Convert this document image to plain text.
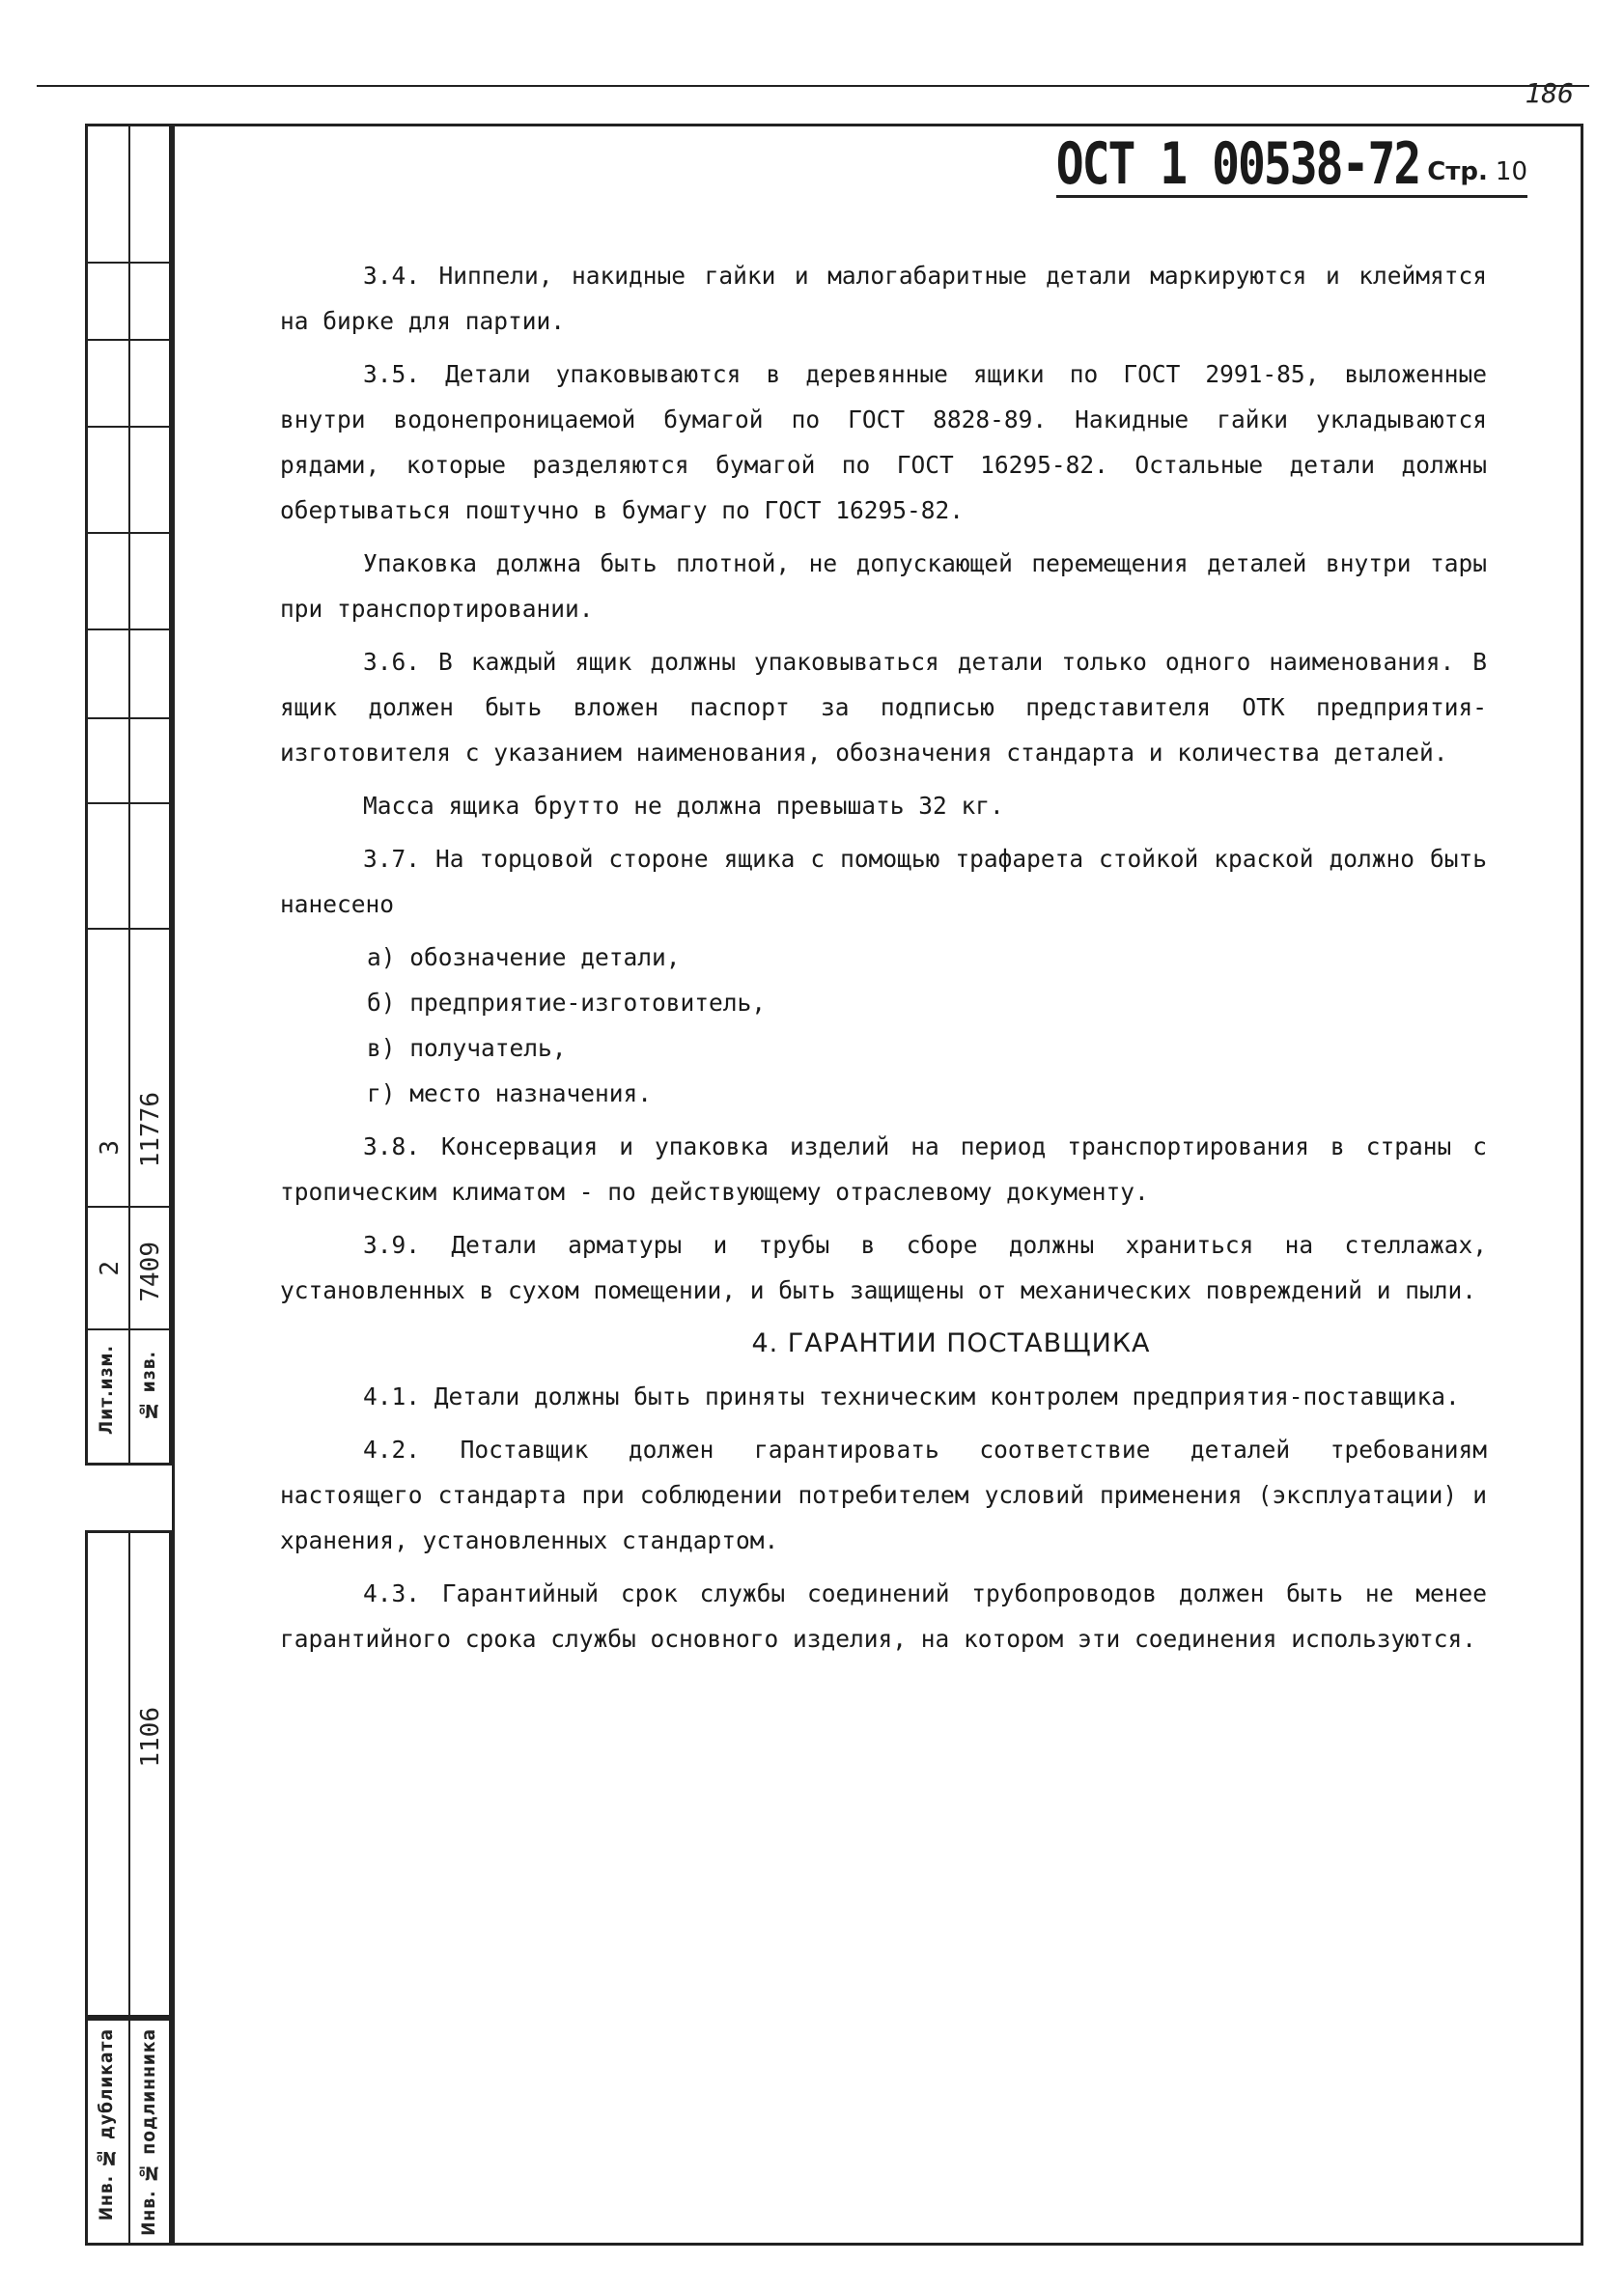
186
3 11776
2 7409
Лит.изм. № изв.
1106
Инв. № дубликата Инв. № подлинника
ОСТ 1 00538-72 Стр. 10

3.4. Ниппели, накидные гайки и малогабаритные детали маркируются и клеймятся на бирке для партии.

3.5. Детали упаковываются в деревянные ящики по ГОСТ 2991-85, выложенные внутри водонепроницаемой бумагой по ГОСТ 8828-89. Накидные гайки укладываются рядами, которые разделяются бумагой по ГОСТ 16295-82. Остальные детали должны обертываться поштучно в бумагу по ГОСТ 16295-82.

Упаковка должна быть плотной, не допускающей перемещения деталей внутри тары при транспортировании.

3.6. В каждый ящик должны упаковываться детали только одного наименования. В ящик должен быть вложен паспорт за подписью представителя ОТК предприятия-изготовителя с указанием наименования, обозначения стандарта и количества деталей.

Масса ящика брутто не должна превышать 32 кг.

3.7. На торцовой стороне ящика с помощью трафарета стойкой краской должно быть нанесено

а) обозначение детали,

б) предприятие-изготовитель,

в) получатель,

г) место назначения.

3.8. Консервация и упаковка изделий на период транспортирования в страны с тропическим климатом - по действующему отраслевому документу.

3.9. Детали арматуры и трубы в сборе должны храниться на стеллажах, установленных в сухом помещении, и быть защищены от механических повреждений и пыли.

4. ГАРАНТИИ ПОСТАВЩИКА

4.1. Детали должны быть приняты техническим контролем предприятия-поставщика.

4.2. Поставщик должен гарантировать соответствие деталей требованиям настоящего стандарта при соблюдении потребителем условий применения (эксплуатации) и хранения, установленных стандартом.

4.3. Гарантийный срок службы соединений трубопроводов должен быть не менее гарантийного срока службы основного изделия, на котором эти соединения используются.
